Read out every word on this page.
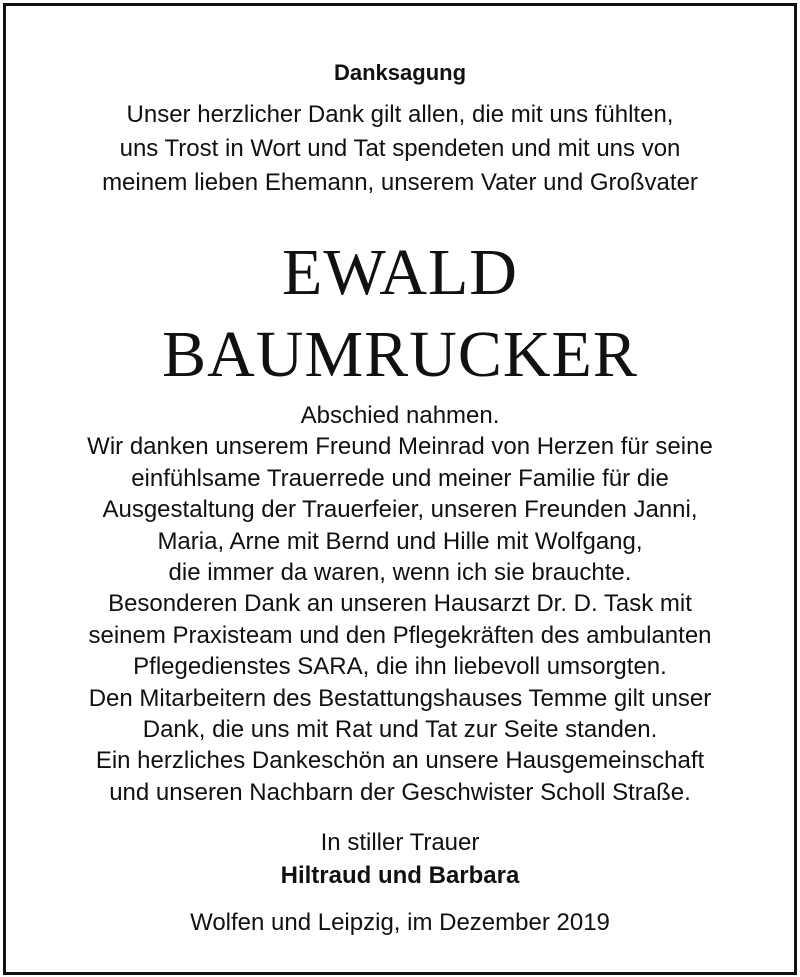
Danksagung
Unser herzlicher Dank gilt allen, die mit uns fühlten,
uns Trost in Wort und Tat spendeten und mit uns von
meinem lieben Ehemann, unserem Vater und Großvater
EWALD
BAUMRUCKER
Abschied nahmen.
Wir danken unserem Freund Meinrad von Herzen für seine
einfühlsame Trauerrede und meiner Familie für die
Ausgestaltung der Trauerfeier, unseren Freunden Janni,
Maria, Arne mit Bernd und Hille mit Wolfgang,
die immer da waren, wenn ich sie brauchte.
Besonderen Dank an unseren Hausarzt Dr. D. Task mit
seinem Praxisteam und den Pflegekräften des ambulanten
Pflegedienstes SARA, die ihn liebevoll umsorgten.
Den Mitarbeitern des Bestattungshauses Temme gilt unser
Dank, die uns mit Rat und Tat zur Seite standen.
Ein herzliches Dankeschön an unsere Hausgemeinschaft
und unseren Nachbarn der Geschwister Scholl Straße.
In stiller Trauer
Hiltraud und Barbara
Wolfen und Leipzig, im Dezember 2019
